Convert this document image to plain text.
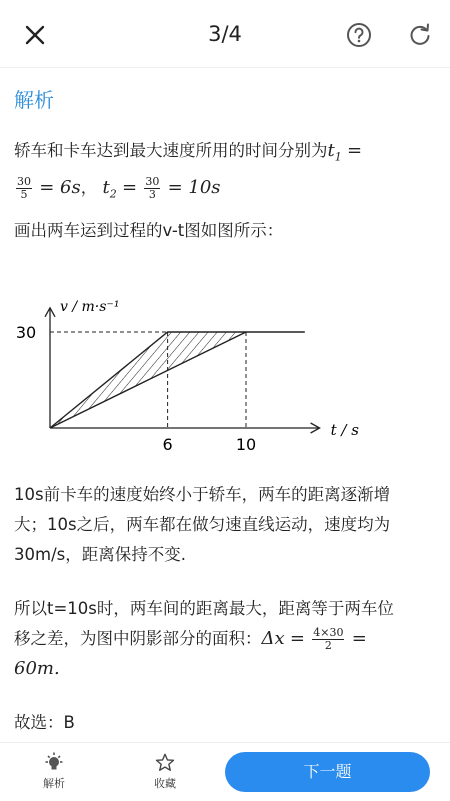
3/4
解析
轿车和卡车达到最大速度所用的时间分别为$t_1$ =

$\frac{30}{5} = 6s$， $t_2 = \frac{30}{3} = 10s$
画出两车运到过程的v-t图如图所示：
6	10
30
t / s
v / m·s⁻¹
10s前卡车的速度始终小于轿车，两车的距离逐渐增
大；10s之后，两车都在做匀速直线运动，速度均为
30m/s，距离保持不变.
所以t=10s时，两车间的距离最大，距离等于两车位
移之差，为图中阴影部分的面积：$\Delta x = \frac{4\times 30}{2}$ =
60m.
故选：B
解析	收藏
下一题
